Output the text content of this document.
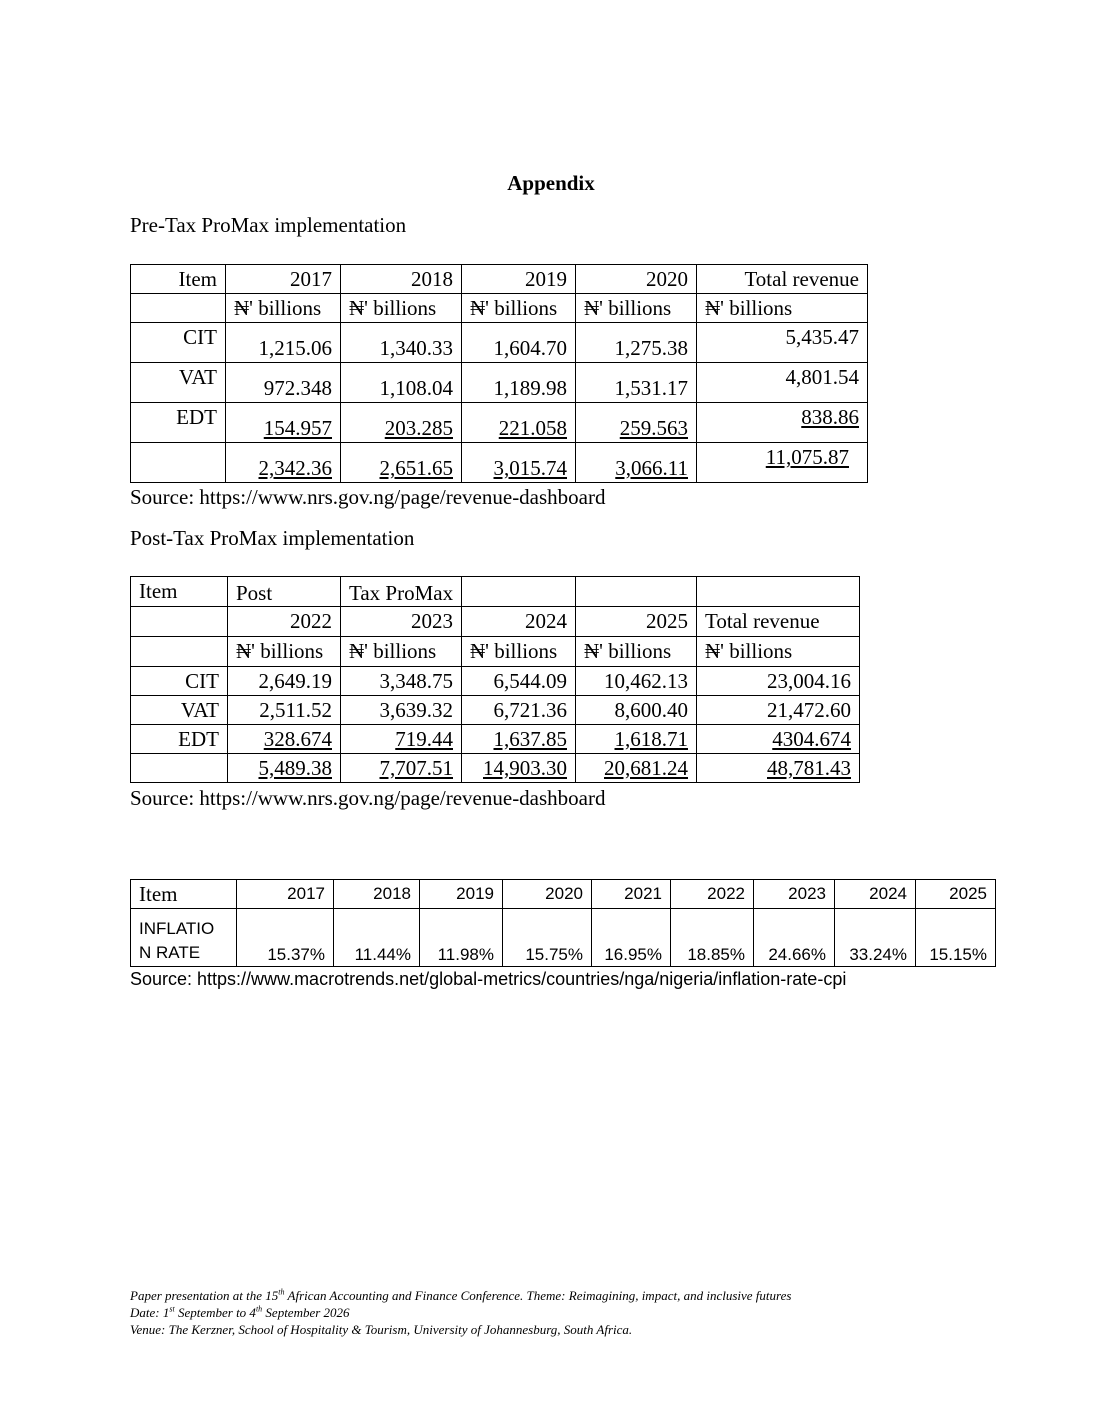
Appendix
Pre-Tax ProMax implementation
Item	2017	2018	2019	2020	Total revenue
	₦' billions	₦' billions	₦' billions	₦' billions	₦' billions
CIT	1,215.06	1,340.33	1,604.70	1,275.38	5,435.47
VAT	972.348	1,108.04	1,189.98	1,531.17	4,801.54
EDT	154.957	203.285	221.058	259.563	838.86
	2,342.36	2,651.65	3,015.74	3,066.11	11,075.87
Source: https://www.nrs.gov.ng/page/revenue-dashboard
Post-Tax ProMax implementation
Item	Post	Tax ProMax			
	2022	2023	2024	2025	Total revenue
	₦' billions	₦' billions	₦' billions	₦' billions	₦' billions
CIT	2,649.19	3,348.75	6,544.09	10,462.13	23,004.16
VAT	2,511.52	3,639.32	6,721.36	8,600.40	21,472.60
EDT	328.674	719.44	1,637.85	1,618.71	4304.674
	5,489.38	7,707.51	14,903.30	20,681.24	48,781.43
Source: https://www.nrs.gov.ng/page/revenue-dashboard
Item	2017	2018	2019	2020	2021	2022	2023	2024	2025
INFLATIO
N RATE	15.37%	11.44%	11.98%	15.75%	16.95%	18.85%	24.66%	33.24%	15.15%
Source: https://www.macrotrends.net/global-metrics/countries/nga/nigeria/inflation-rate-cpi
Paper presentation at the 15th African Accounting and Finance Conference. Theme: Reimagining, impact, and inclusive futures
Date: 1st September to 4th September 2026
Venue: The Kerzner, School of Hospitality & Tourism, University of Johannesburg, South Africa.
